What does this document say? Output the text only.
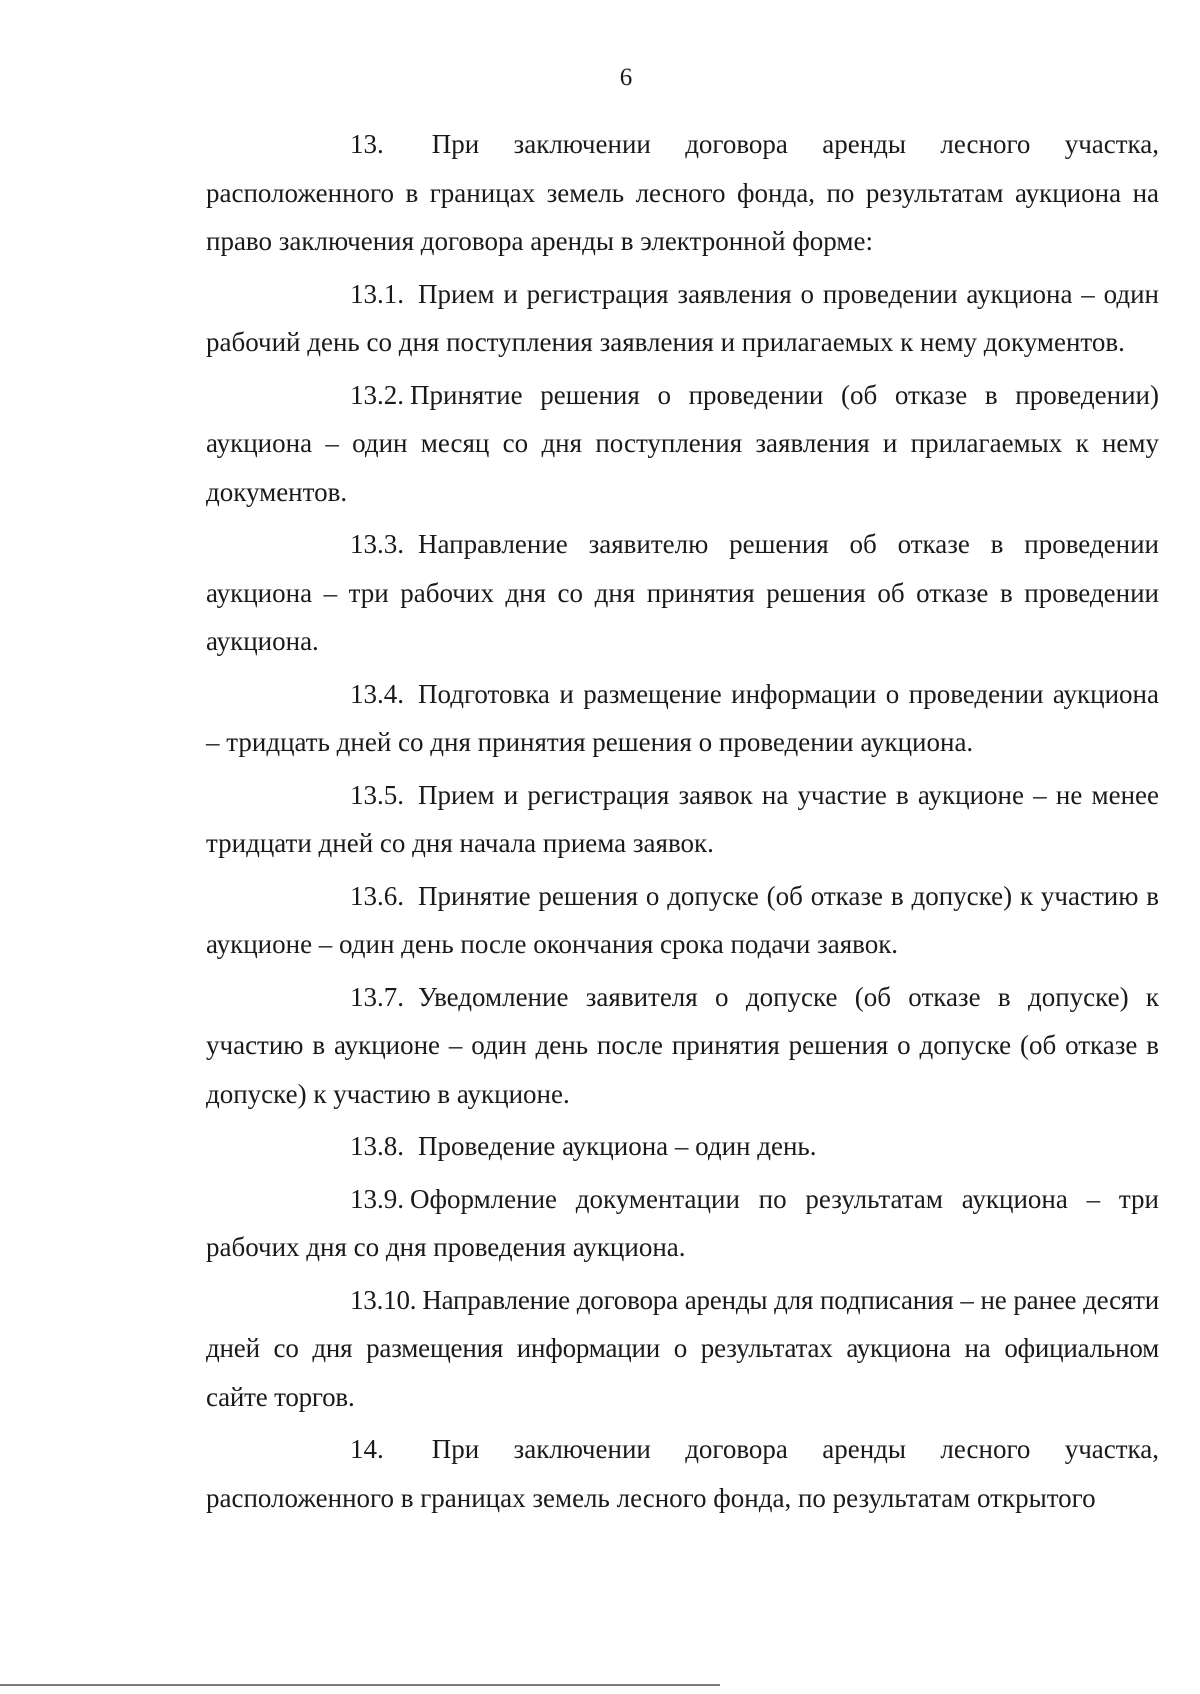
6

13. При заключении договора аренды лесного участка, расположенного в границах земель лесного фонда, по результатам аукциона на право заключения договора аренды в электронной форме:

13.1. Прием и регистрация заявления о проведении аукциона – один рабочий день со дня поступления заявления и прилагаемых к нему документов.

13.2. Принятие решения о проведении (об отказе в проведении) аукциона – один месяц со дня поступления заявления и прилагаемых к нему документов.

13.3. Направление заявителю решения об отказе в проведении аукциона – три рабочих дня со дня принятия решения об отказе в проведении аукциона.

13.4. Подготовка и размещение информации о проведении аукциона – тридцать дней со дня принятия решения о проведении аукциона.

13.5. Прием и регистрация заявок на участие в аукционе – не менее тридцати дней со дня начала приема заявок.

13.6. Принятие решения о допуске (об отказе в допуске) к участию в аукционе – один день после окончания срока подачи заявок.

13.7. Уведомление заявителя о допуске (об отказе в допуске) к участию в аукционе – один день после принятия решения о допуске (об отказе в допуске) к участию в аукционе.

13.8. Проведение аукциона – один день.

13.9. Оформление документации по результатам аукциона – три рабочих дня со дня проведения аукциона.

13.10. Направление договора аренды для подписания – не ранее десяти дней со дня размещения информации о результатах аукциона на официальном сайте торгов.

14. При заключении договора аренды лесного участка, расположенного в границах земель лесного фонда, по результатам открытого
